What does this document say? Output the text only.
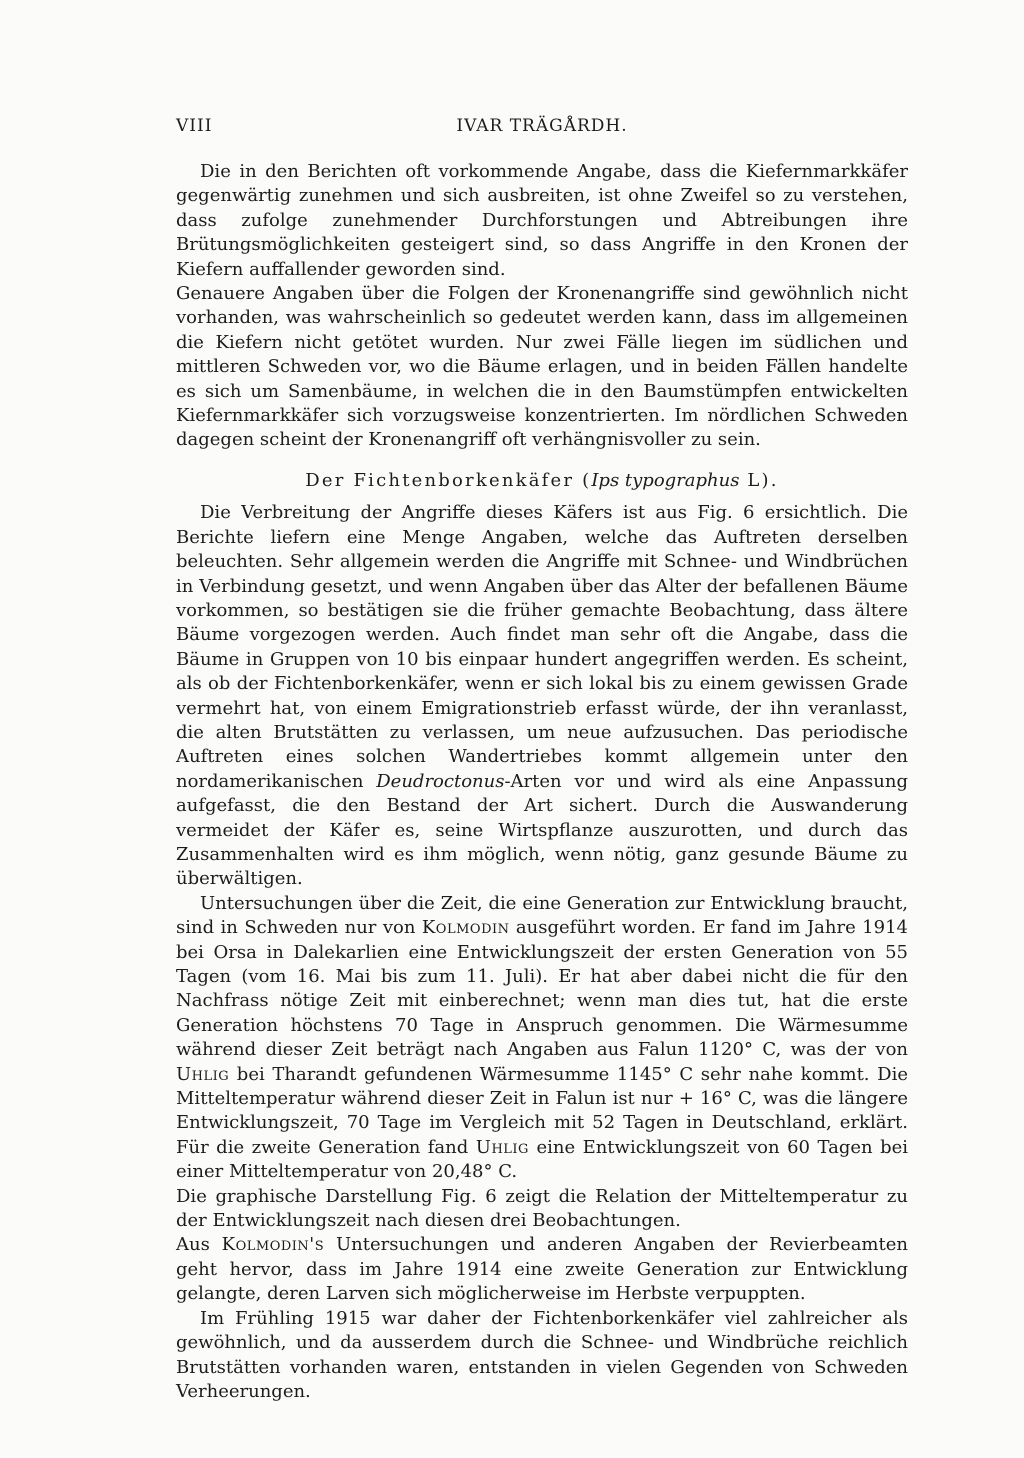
VIII	IVAR TRÄGÅRDH.

Die in den Berichten oft vorkommende Angabe, dass die Kiefernmarkkäfer gegenwärtig zunehmen und sich ausbreiten, ist ohne Zweifel so zu verstehen, dass zufolge zunehmender Durchforstungen und Abtreibungen ihre Brütungsmöglichkeiten gesteigert sind, so dass Angriffe in den Kronen der Kiefern auffallender geworden sind.

Genauere Angaben über die Folgen der Kronenangriffe sind gewöhnlich nicht vorhanden, was wahrscheinlich so gedeutet werden kann, dass im allgemeinen die Kiefern nicht getötet wurden. Nur zwei Fälle liegen im südlichen und mittleren Schweden vor, wo die Bäume erlagen, und in beiden Fällen handelte es sich um Samenbäume, in welchen die in den Baumstümpfen entwickelten Kiefernmarkkäfer sich vorzugsweise konzentrierten. Im nördlichen Schweden dagegen scheint der Kronenangriff oft verhängnisvoller zu sein.

Der Fichtenborkenkäfer (Ips typographus L).

Die Verbreitung der Angriffe dieses Käfers ist aus Fig. 6 ersichtlich. Die Berichte liefern eine Menge Angaben, welche das Auftreten derselben beleuchten. Sehr allgemein werden die Angriffe mit Schnee- und Windbrüchen in Verbindung gesetzt, und wenn Angaben über das Alter der befallenen Bäume vorkommen, so bestätigen sie die früher gemachte Beobachtung, dass ältere Bäume vorgezogen werden. Auch findet man sehr oft die Angabe, dass die Bäume in Gruppen von 10 bis einpaar hundert angegriffen werden. Es scheint, als ob der Fichtenborkenkäfer, wenn er sich lokal bis zu einem gewissen Grade vermehrt hat, von einem Emigrationstrieb erfasst würde, der ihn veranlasst, die alten Brutstätten zu verlassen, um neue aufzusuchen. Das periodische Auftreten eines solchen Wandertriebes kommt allgemein unter den nordamerikanischen Deudroctonus-Arten vor und wird als eine Anpassung aufgefasst, die den Bestand der Art sichert. Durch die Auswanderung vermeidet der Käfer es, seine Wirtspflanze auszurotten, und durch das Zusammenhalten wird es ihm möglich, wenn nötig, ganz gesunde Bäume zu überwältigen.

Untersuchungen über die Zeit, die eine Generation zur Entwicklung braucht, sind in Schweden nur von Kolmodin ausgeführt worden. Er fand im Jahre 1914 bei Orsa in Dalekarlien eine Entwicklungszeit der ersten Generation von 55 Tagen (vom 16. Mai bis zum 11. Juli). Er hat aber dabei nicht die für den Nachfrass nötige Zeit mit einberechnet; wenn man dies tut, hat die erste Generation höchstens 70 Tage in Anspruch genommen. Die Wärmesumme während dieser Zeit beträgt nach Angaben aus Falun 1120° C, was der von Uhlig bei Tharandt gefundenen Wärmesumme 1145° C sehr nahe kommt. Die Mitteltemperatur während dieser Zeit in Falun ist nur + 16° C, was die längere Entwicklungszeit, 70 Tage im Vergleich mit 52 Tagen in Deutschland, erklärt. Für die zweite Generation fand Uhlig eine Entwicklungszeit von 60 Tagen bei einer Mitteltemperatur von 20,48° C.

Die graphische Darstellung Fig. 6 zeigt die Relation der Mitteltemperatur zu der Entwicklungszeit nach diesen drei Beobachtungen.

Aus Kolmodin's Untersuchungen und anderen Angaben der Revierbeamten geht hervor, dass im Jahre 1914 eine zweite Generation zur Entwicklung gelangte, deren Larven sich möglicherweise im Herbste verpuppten.

Im Frühling 1915 war daher der Fichtenborkenkäfer viel zahlreicher als gewöhnlich, und da ausserdem durch die Schnee- und Windbrüche reichlich Brutstätten vorhanden waren, entstanden in vielen Gegenden von Schweden Verheerungen.
